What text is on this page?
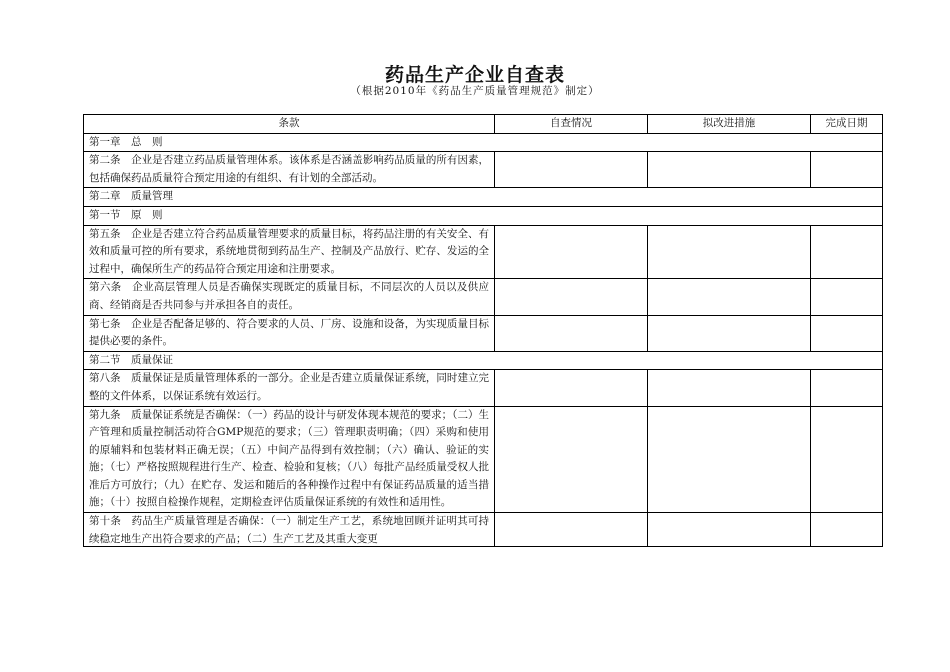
药品生产企业自查表
（根据2010年《药品生产质量管理规范》制定）
条款	自查情况	拟改进措施	完成日期
第一章　总　则			
第二条　企业是否建立药品质量管理体系。该体系是否涵盖影响药品质量的所有因素，包括确保药品质量符合预定用途的有组织、有计划的全部活动。			
第二章　质量管理			
第一节　原　则			
第五条　企业是否建立符合药品质量管理要求的质量目标，将药品注册的有关安全、有效和质量可控的所有要求，系统地贯彻到药品生产、控制及产品放行、贮存、发运的全过程中，确保所生产的药品符合预定用途和注册要求。			
第六条　企业高层管理人员是否确保实现既定的质量目标，不同层次的人员以及供应商、经销商是否共同参与并承担各自的责任。			
第七条　企业是否配备足够的、符合要求的人员、厂房、设施和设备，为实现质量目标提供必要的条件。			
第二节　质量保证			
第八条　质量保证是质量管理体系的一部分。企业是否建立质量保证系统，同时建立完整的文件体系，以保证系统有效运行。			
第九条　质量保证系统是否确保：（一）药品的设计与研发体现本规范的要求；（二）生产管理和质量控制活动符合GMP规范的要求；（三）管理职责明确；（四）采购和使用的原辅料和包装材料正确无误；（五）中间产品得到有效控制；（六）确认、验证的实施；（七）严格按照规程进行生产、检查、检验和复核；（八）每批产品经质量受权人批准后方可放行；（九）在贮存、发运和随后的各种操作过程中有保证药品质量的适当措施；（十）按照自检操作规程，定期检查评估质量保证系统的有效性和适用性。			

第十条　药品生产质量管理是否确保：（一）制定生产工艺，系统地回顾并证明其可持续稳定地生产出符合要求的产品；（二）生产工艺及其重大变更			
